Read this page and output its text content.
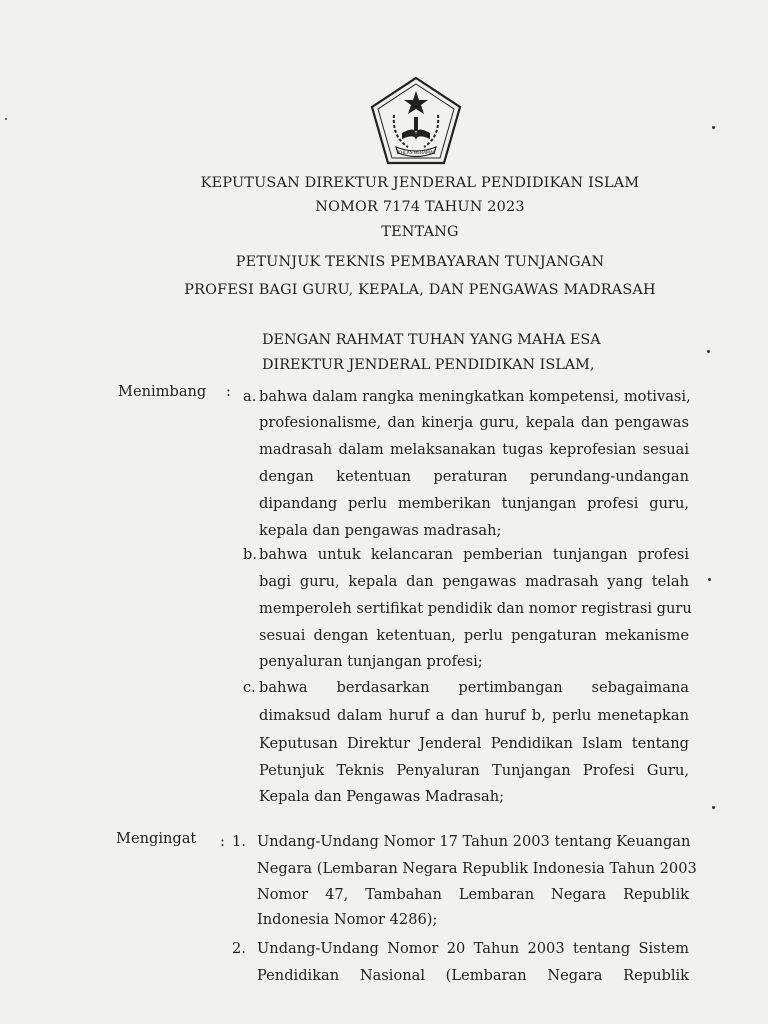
IKHLAS BERAMAL
KEPUTUSAN DIREKTUR JENDERAL PENDIDIKAN ISLAM
NOMOR 7174 TAHUN 2023
TENTANG
PETUNJUK TEKNIS PEMBAYARAN TUNJANGAN
PROFESI BAGI GURU, KEPALA, DAN PENGAWAS MADRASAH
DENGAN RAHMAT TUHAN YANG MAHA ESA
DIREKTUR JENDERAL PENDIDIKAN ISLAM,
Menimbang : a. bahwa dalam rangka meningkatkan kompetensi, motivasi,
profesionalisme, dan kinerja guru, kepala dan pengawas
madrasah dalam melaksanakan tugas keprofesian sesuai
dengan ketentuan peraturan perundang-undangan
dipandang perlu memberikan tunjangan profesi guru,
kepala dan pengawas madrasah;
b. bahwa untuk kelancaran pemberian tunjangan profesi
bagi guru, kepala dan pengawas madrasah yang telah
memperoleh sertifikat pendidik dan nomor registrasi guru
sesuai dengan ketentuan, perlu pengaturan mekanisme
penyaluran tunjangan profesi;
c. bahwa berdasarkan pertimbangan sebagaimana
dimaksud dalam huruf a dan huruf b, perlu menetapkan
Keputusan Direktur Jenderal Pendidikan Islam tentang
Petunjuk Teknis Penyaluran Tunjangan Profesi Guru,
Kepala dan Pengawas Madrasah;
Mengingat : 1. Undang-Undang Nomor 17 Tahun 2003 tentang Keuangan
Negara (Lembaran Negara Republik Indonesia Tahun 2003
Nomor 47, Tambahan Lembaran Negara Republik
Indonesia Nomor 4286);
2. Undang-Undang Nomor 20 Tahun 2003 tentang Sistem
Pendidikan Nasional (Lembaran Negara Republik
